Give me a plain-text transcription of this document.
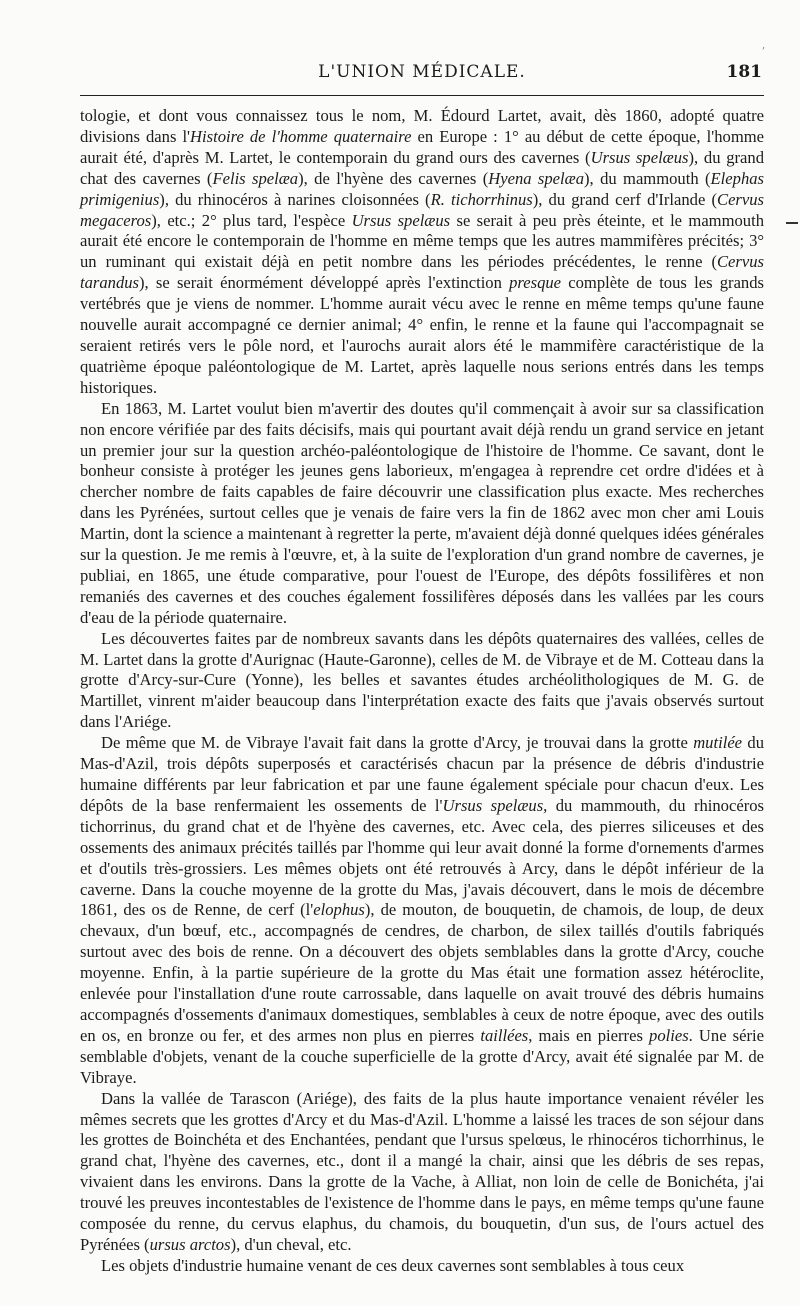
,
L'UNION MÉDICALE.	181

tologie, et dont vous connaissez tous le nom, M. Édourd Lartet, avait, dès 1860, adopté quatre divisions dans l'Histoire de l'homme quaternaire en Europe : 1° au début de cette époque, l'homme aurait été, d'après M. Lartet, le contemporain du grand ours des cavernes (Ursus spelæus), du grand chat des cavernes (Felis spelæa), de l'hyène des cavernes (Hyena spelæa), du mammouth (Elephas primigenius), du rhinocéros à narines cloisonnées (R. tichorrhinus), du grand cerf d'Irlande (Cervus megaceros), etc.; 2° plus tard, l'espèce Ursus spelæus se serait à peu près éteinte, et le mammouth aurait été encore le contemporain de l'homme en même temps que les autres mammifères précités; 3° un ruminant qui existait déjà en petit nombre dans les périodes précédentes, le renne (Cervus tarandus), se serait énormément développé après l'extinction presque complète de tous les grands vertébrés que je viens de nommer. L'homme aurait vécu avec le renne en même temps qu'une faune nouvelle aurait accompagné ce dernier animal; 4° enfin, le renne et la faune qui l'accompagnait se seraient retirés vers le pôle nord, et l'aurochs aurait alors été le mammifère caractéristique de la quatrième époque paléontologique de M. Lartet, après laquelle nous serions entrés dans les temps historiques.

En 1863, M. Lartet voulut bien m'avertir des doutes qu'il commençait à avoir sur sa classification non encore vérifiée par des faits décisifs, mais qui pourtant avait déjà rendu un grand service en jetant un premier jour sur la question archéo-paléontologique de l'histoire de l'homme. Ce savant, dont le bonheur consiste à protéger les jeunes gens laborieux, m'engagea à reprendre cet ordre d'idées et à chercher nombre de faits capables de faire découvrir une classification plus exacte. Mes recherches dans les Pyrénées, surtout celles que je venais de faire vers la fin de 1862 avec mon cher ami Louis Martin, dont la science a maintenant à regretter la perte, m'avaient déjà donné quelques idées générales sur la question. Je me remis à l'œuvre, et, à la suite de l'exploration d'un grand nombre de cavernes, je publiai, en 1865, une étude comparative, pour l'ouest de l'Europe, des dépôts fossilifères et non remaniés des cavernes et des couches également fossilifères déposés dans les vallées par les cours d'eau de la période quaternaire.

Les découvertes faites par de nombreux savants dans les dépôts quaternaires des vallées, celles de M. Lartet dans la grotte d'Aurignac (Haute-Garonne), celles de M. de Vibraye et de M. Cotteau dans la grotte d'Arcy-sur-Cure (Yonne), les belles et savantes études archéolithologiques de M. G. de Martillet, vinrent m'aider beaucoup dans l'interprétation exacte des faits que j'avais observés surtout dans l'Ariége.

De même que M. de Vibraye l'avait fait dans la grotte d'Arcy, je trouvai dans la grotte mutilée du Mas-d'Azil, trois dépôts superposés et caractérisés chacun par la présence de débris d'industrie humaine différents par leur fabrication et par une faune également spéciale pour chacun d'eux. Les dépôts de la base renfermaient les ossements de l'Ursus spelæus, du mammouth, du rhinocéros tichorrinus, du grand chat et de l'hyène des cavernes, etc. Avec cela, des pierres siliceuses et des ossements des animaux précités taillés par l'homme qui leur avait donné la forme d'ornements d'armes et d'outils très-grossiers. Les mêmes objets ont été retrouvés à Arcy, dans le dépôt inférieur de la caverne. Dans la couche moyenne de la grotte du Mas, j'avais découvert, dans le mois de décembre 1861, des os de Renne, de cerf (l'elophus), de mouton, de bouquetin, de chamois, de loup, de deux chevaux, d'un bœuf, etc., accompagnés de cendres, de charbon, de silex taillés d'outils fabriqués surtout avec des bois de renne. On a découvert des objets semblables dans la grotte d'Arcy, couche moyenne. Enfin, à la partie supérieure de la grotte du Mas était une formation assez hétéroclite, enlevée pour l'installation d'une route carrossable, dans laquelle on avait trouvé des débris humains accompagnés d'ossements d'animaux domestiques, semblables à ceux de notre époque, avec des outils en os, en bronze ou fer, et des armes non plus en pierres taillées, mais en pierres polies. Une série semblable d'objets, venant de la couche superficielle de la grotte d'Arcy, avait été signalée par M. de Vibraye.

Dans la vallée de Tarascon (Ariége), des faits de la plus haute importance venaient révéler les mêmes secrets que les grottes d'Arcy et du Mas-d'Azil. L'homme a laissé les traces de son séjour dans les grottes de Boinchéta et des Enchantées, pendant que l'ursus spelœus, le rhinocéros tichorrhinus, le grand chat, l'hyène des cavernes, etc., dont il a mangé la chair, ainsi que les débris de ses repas, vivaient dans les environs. Dans la grotte de la Vache, à Alliat, non loin de celle de Bonichéta, j'ai trouvé les preuves incontestables de l'existence de l'homme dans le pays, en même temps qu'une faune composée du renne, du cervus elaphus, du chamois, du bouquetin, d'un sus, de l'ours actuel des Pyrénées (ursus arctos), d'un cheval, etc.

Les objets d'industrie humaine venant de ces deux cavernes sont semblables à tous ceux
